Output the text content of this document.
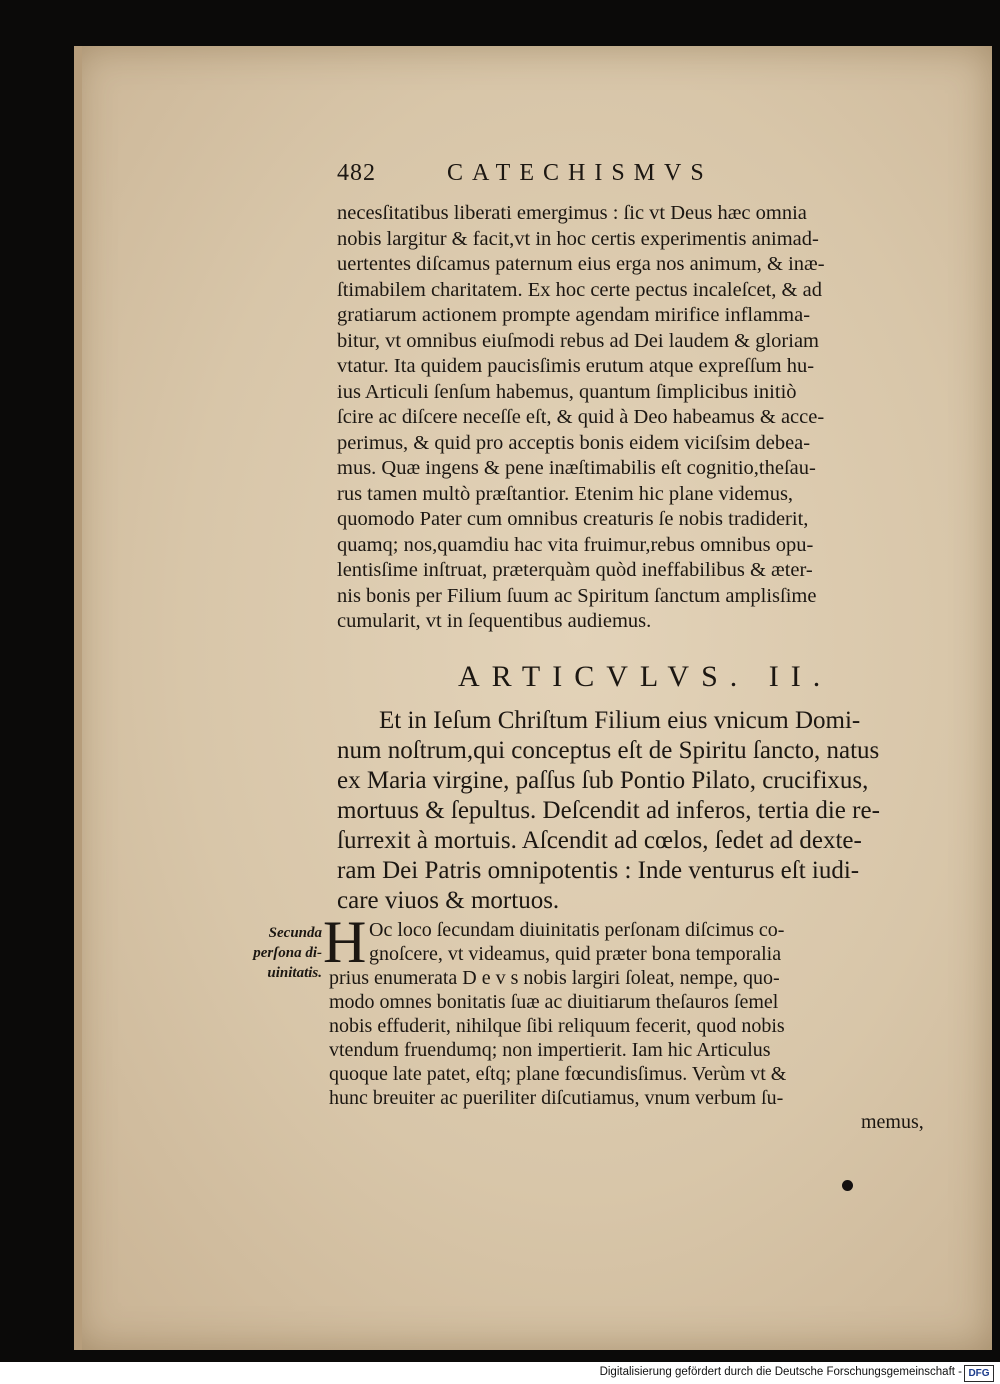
482	CATECHISMVS
necesſitatibus liberati emergimus : ſic vt Deus hæc omnia
nobis largitur & facit,vt in hoc certis experimentis animad-
uertentes diſcamus paternum eius erga nos animum, & inæ-
ſtimabilem charitatem. Ex hoc certe pectus incaleſcet, & ad
gratiarum actionem prompte agendam mirifice inflamma-
bitur, vt omnibus eiuſmodi rebus ad Dei laudem & gloriam
vtatur. Ita quidem paucisſimis erutum atque expreſſum hu-
ius Articuli ſenſum habemus, quantum ſimplicibus initiò
ſcire ac diſcere neceſſe eſt, & quid à Deo habeamus & acce-
perimus, & quid pro acceptis bonis eidem viciſsim debea-
mus. Quæ ingens & pene inæſtimabilis eſt cognitio,theſau-
rus tamen multò præſtantior. Etenim hic plane videmus,
quomodo Pater cum omnibus creaturis ſe nobis tradiderit,
quamq; nos,quamdiu hac vita fruimur,rebus omnibus opu-
lentisſime inſtruat, præterquàm quòd ineffabilibus & æter-
nis bonis per Filium ſuum ac Spiritum ſanctum amplisſime
cumularit, vt in ſequentibus audiemus.
ARTICVLVS. II.
Et in Ieſum Chriſtum Filium eius vnicum Domi-
num noſtrum,qui conceptus eſt de Spiritu ſancto, natus
ex Maria virgine, paſſus ſub Pontio Pilato, crucifixus,
mortuus & ſepultus. Deſcendit ad inferos, tertia die re-
ſurrexit à mortuis. Aſcendit ad cœlos, ſedet ad dexte-
ram Dei Patris omnipotentis : Inde venturus eſt iudi-
care viuos & mortuos.
H Oc loco ſecundam diuinitatis perſonam diſcimus co-
gnoſcere, vt videamus, quid præter bona temporalia
prius enumerata D e v s nobis largiri ſoleat, nempe, quo-
modo omnes bonitatis ſuæ ac diuitiarum theſauros ſemel
nobis effuderit, nihilque ſibi reliquum fecerit, quod nobis
vtendum fruendumq; non impertierit. Iam hic Articulus
quoque late patet, eſtq; plane fœcundisſimus. Verùm vt &
hunc breuiter ac pueriliter diſcutiamus, vnum verbum ſu-
memus,
Secunda
perſona di-
uinitatis.
Digitalisierung gefördert durch die Deutsche Forschungsgemeinschaft - DFG
